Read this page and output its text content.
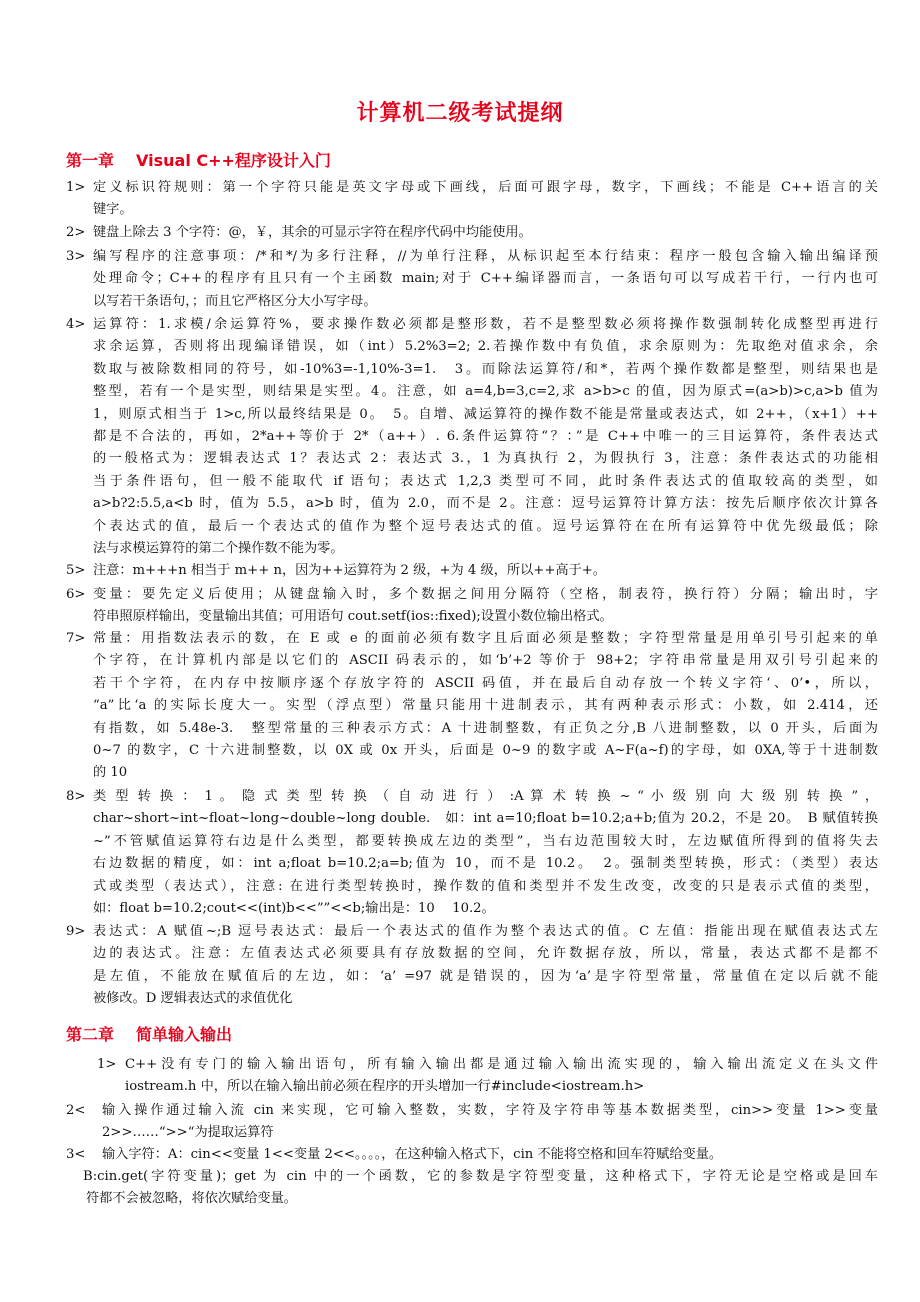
计算机二级考试提纲
第一章 Visual C++程序设计入门
1> 定义标识符规则：第一个字符只能是英文字母或下画线，后面可跟字母，数字，下画线；不能是 C++语言的关
键字。
2> 键盘上除去 3 个字符：@，￥，其余的可显示字符在程序代码中均能使用。
3> 编写程序的注意事项：/*和*/为多行注释，//为单行注释，从标识起至本行结束：程序一般包含输入输出编译预
处理命令；C++的程序有且只有一个主函数 main;对于 C++编译器而言，一条语句可以写成若干行，一行内也可
以写若干条语句，；而且它严格区分大小写字母。
4> 运算符：1.求模/余运算符%，要求操作数必须都是整形数，若不是整型数必须将操作数强制转化成整型再进行
求余运算，否则将出现编译错误，如（int）5.2%3=2; 2.若操作数中有负值，求余原则为：先取绝对值求余，余
数取与被除数相同的符号，如-10%3=-1,10%-3=1.　3。而除法运算符/和*，若两个操作数都是整型，则结果也是
整型，若有一个是实型，则结果是实型。4。注意，如 a=4,b=3,c=2,求 a>b>c 的值，因为原式=(a>b)>c,a>b 值为
1，则原式相当于 1>c,所以最终结果是 0。　5。自增、减运算符的操作数不能是常量或表达式，如 2++，（x+1）++
都是不合法的，再如，2*a++等价于 2*（a++）. 6.条件运算符“？：”是 C++中唯一的三目运算符，条件表达式
的一般格式为：逻辑表达式 1？表达式 2：表达式 3.，1 为真执行 2，为假执行 3，注意：条件表达式的功能相
当于条件语句，但一般不能取代 if 语句；表达式 1,2,3 类型可不同，此时条件表达式的值取较高的类型，如
a>b?2:5.5,a<b 时，值为 5.5，a>b 时，值为 2.0，而不是 2。注意：逗号运算符计算方法：按先后顺序依次计算各
个表达式的值，最后一个表达式的值作为整个逗号表达式的值。逗号运算符在在所有运算符中优先级最低；除
法与求模运算符的第二个操作数不能为零。
5> 注意：m+++n 相当于 m++ n，因为++运算符为 2 级，+为 4 级，所以++高于+。
6> 变量：要先定义后使用；从键盘输入时，多个数据之间用分隔符（空格，制表符，换行符）分隔；输出时，字
符串照原样输出，变量输出其值；可用语句 cout.setf(ios::fixed);设置小数位输出格式。
7> 常量：用指数法表示的数，在 E 或 e 的面前必须有数字且后面必须是整数；字符型常量是用单引号引起来的单
个字符，在计算机内部是以它们的 ASCII 码表示的，如‘b’+2 等价于 98+2；字符串常量是用双引号引起来的
若干个字符，在内存中按顺序逐个存放字符的 ASCII 码值，并在最后自动存放一个转义字符‘、0’•，所以，
“a”比‘a 的实际长度大一。实型（浮点型）常量只能用十进制表示，其有两种表示形式：小数，如 2.414，还
有指数，如 5.48e-3.　整型常量的三种表示方式：A 十进制整数，有正负之分,B 八进制整数，以 0 开头，后面为
0~7 的数字，C 十六进制整数，以 0X 或 0x 开头，后面是 0~9 的数字或 A~F(a~f)的字母，如 0XA,等于十进制数
的 10
8> 类 型 转 换 ： 1 。 隐 式 类 型 转 换 （ 自 动 进 行 ） :A 算 术 转 换 ~ “ 小 级 别 向 大 级 别 转 换 ” ，
char~short~int~float~long~double~long double.　如：int a=10;float b=10.2;a+b;值为 20.2，不是 20。　B 赋值转换
~”不管赋值运算符右边是什么类型，都要转换成左边的类型”，当右边范围较大时，左边赋值所得到的值将失去
右边数据的精度，如：int a;float b=10.2;a=b;值为 10，而不是 10.2。　2。强制类型转换，形式：（类型）表达
式或类型（表达式），注意: 在进行类型转换时，操作数的值和类型并不发生改变，改变的只是表示式值的类型，
如：float b=10.2;cout<<(int)b<<””<<b;输出是：10　 10.2。
9> 表达式：A 赋值~;B 逗号表达式：最后一个表达式的值作为整个表达式的值。C 左值：指能出现在赋值表达式左
边的表达式。注意：左值表达式必须要具有存放数据的空间，允许数据存放，所以，常量，表达式都不是都不
是左值，不能放在赋值后的左边，如：‘a’ =97 就是错误的，因为‘a’是字符型常量，常量值在定以后就不能
被修改。D 逻辑表达式的求值优化
第二章 简单输入输出
1> C++没有专门的输入输出语句，所有输入输出都是通过输入输出流实现的，输入输出流定义在头文件
iostream.h 中，所以在输入输出前必须在程序的开头增加一行#include<iostream.h>
2< 输入操作通过输入流 cin 来实现，它可输入整数，实数，字符及字符串等基本数据类型，cin>>变量 1>>变量
2>>……“>>“为提取运算符
3< 输入字符：A：cin<<变量 1<<变量 2<<。。。。，在这种输入格式下，cin 不能将空格和回车符赋给变量。
B:cin.get(字符变量)；get 为 cin 中的一个函数，它的参数是字符型变量，这种格式下，字符无论是空格或是回车
符都不会被忽略，将依次赋给变量。
